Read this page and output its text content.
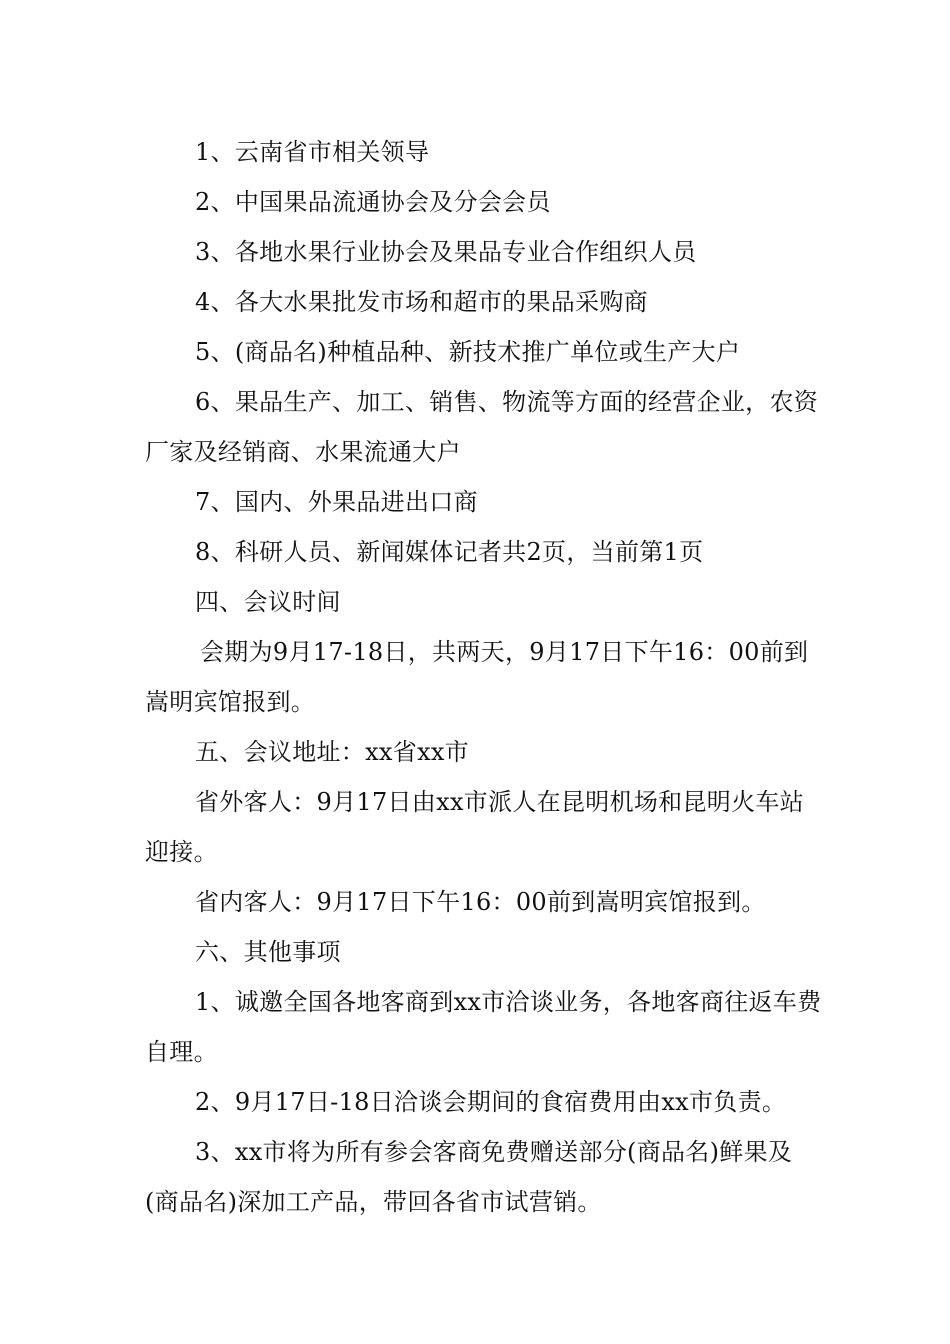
1、云南省市相关领导

2、中国果品流通协会及分会会员

3、各地水果行业协会及果品专业合作组织人员

4、各大水果批发市场和超市的果品采购商

5、(商品名)种植品种、新技术推广单位或生产大户

6、果品生产、加工、销售、物流等方面的经营企业，农资厂家及经销商、水果流通大户

7、国内、外果品进出口商

8、科研人员、新闻媒体记者共2页，当前第1页

四、会议时间

会期为9月17-18日，共两天，9月17日下午16：00前到嵩明宾馆报到。

五、会议地址：xx省xx市

省外客人：9月17日由xx市派人在昆明机场和昆明火车站迎接。

省内客人：9月17日下午16：00前到嵩明宾馆报到。

六、其他事项

1、诚邀全国各地客商到xx市洽谈业务，各地客商往返车费自理。

2、9月17日-18日洽谈会期间的食宿费用由xx市负责。

3、xx市将为所有参会客商免费赠送部分(商品名)鲜果及(商品名)深加工产品，带回各省市试营销。
